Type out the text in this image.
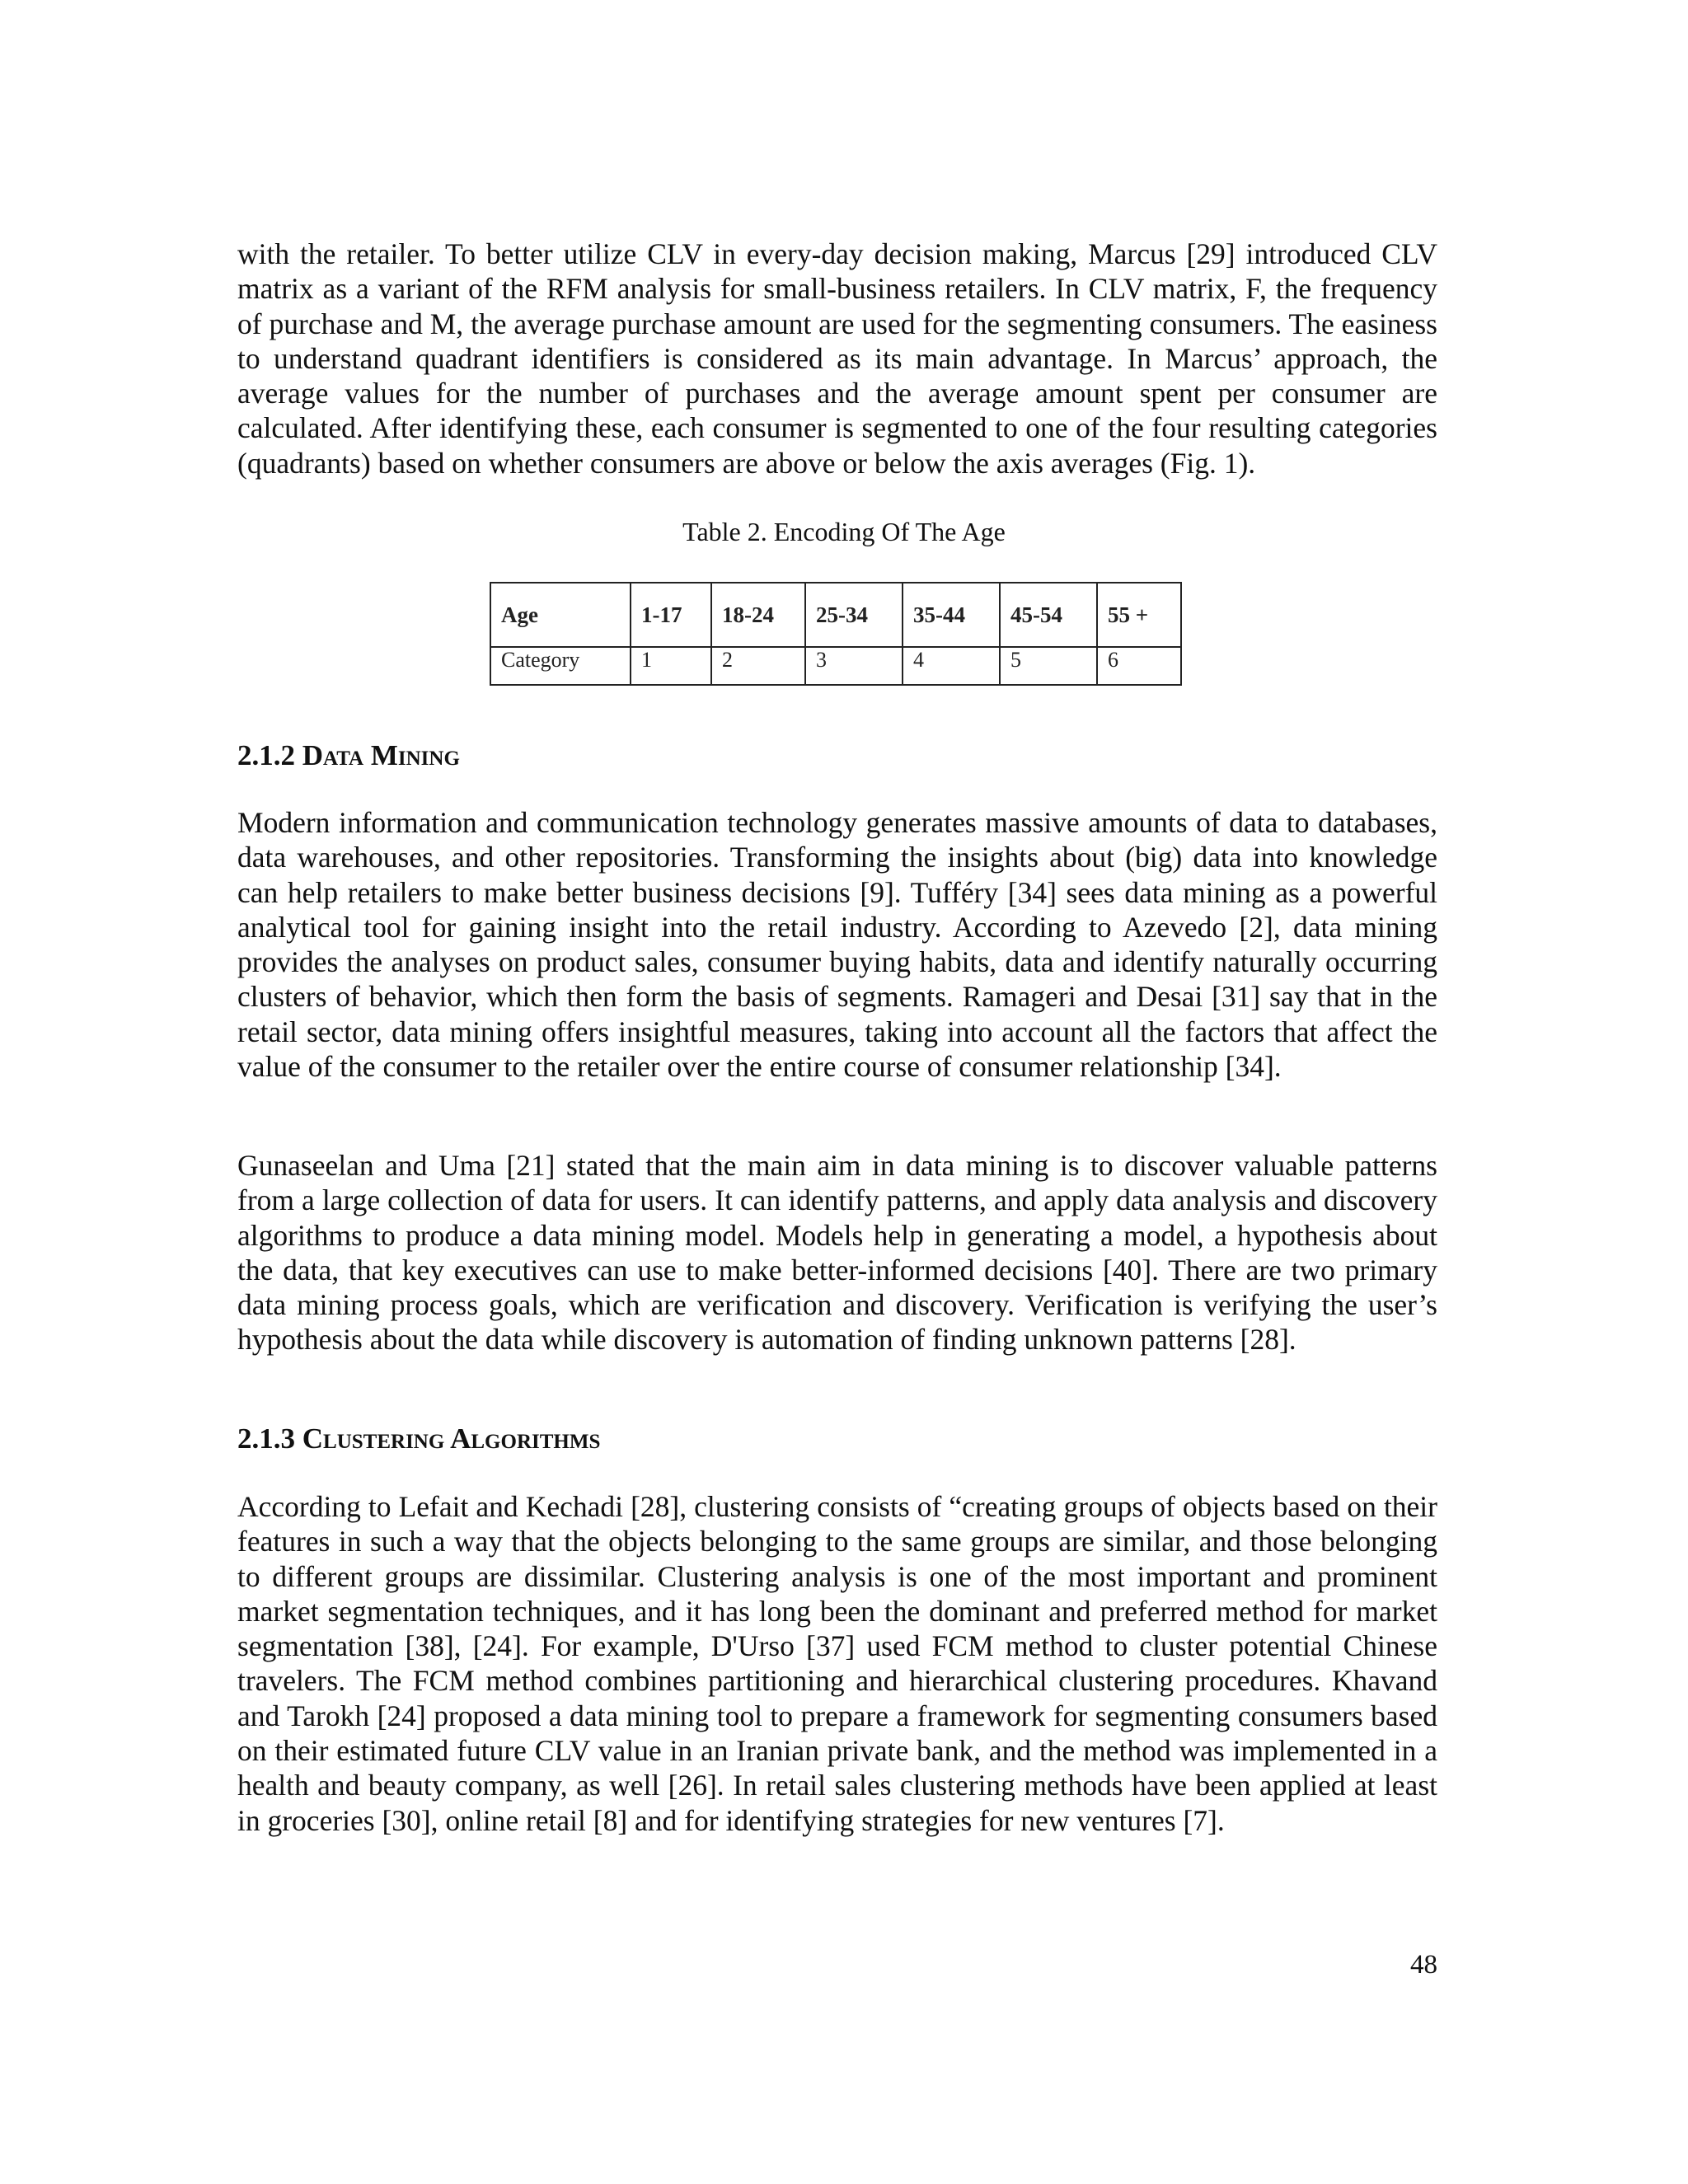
with the retailer. To better utilize CLV in every-day decision making, Marcus [29] introduced CLV matrix as a variant of the RFM analysis for small-business retailers. In CLV matrix, F, the frequency of purchase and M, the average purchase amount are used for the segmenting consumers. The easiness to understand quadrant identifiers is considered as its main advantage. In Marcus’ approach, the average values for the number of purchases and the average amount spent per consumer are calculated. After identifying these, each consumer is segmented to one of the four resulting categories (quadrants) based on whether consumers are above or below the axis averages (Fig. 1).

Table 2. Encoding Of The Age
Age	1-17	18-24	25-34	35-44	45-54	55 +
Category	1	2	3	4	5	6
2.1.2 Data Mining

Modern information and communication technology generates massive amounts of data to databases, data warehouses, and other repositories. Transforming the insights about (big) data into knowledge can help retailers to make better business decisions [9]. Tufféry [34] sees data mining as a powerful analytical tool for gaining insight into the retail industry. According to Azevedo [2], data mining provides the analyses on product sales, consumer buying habits, data and identify naturally occurring clusters of behavior, which then form the basis of segments. Ramageri and Desai [31] say that in the retail sector, data mining offers insightful measures, taking into account all the factors that affect the value of the consumer to the retailer over the entire course of consumer relationship [34].

Gunaseelan and Uma [21] stated that the main aim in data mining is to discover valuable patterns from a large collection of data for users. It can identify patterns, and apply data analysis and discovery algorithms to produce a data mining model. Models help in generating a model, a hypothesis about the data, that key executives can use to make better-informed decisions [40]. There are two primary data mining process goals, which are verification and discovery. Verification is verifying the user’s hypothesis about the data while discovery is automation of finding unknown patterns [28].

2.1.3 Clustering Algorithms

According to Lefait and Kechadi [28], clustering consists of “creating groups of objects based on their features in such a way that the objects belonging to the same groups are similar, and those belonging to different groups are dissimilar. Clustering analysis is one of the most important and prominent market segmentation techniques, and it has long been the dominant and preferred method for market segmentation [38], [24]. For example, D'Urso [37] used FCM method to cluster potential Chinese travelers. The FCM method combines partitioning and hierarchical clustering procedures. Khavand and Tarokh [24] proposed a data mining tool to prepare a framework for segmenting consumers based on their estimated future CLV value in an Iranian private bank, and the method was implemented in a health and beauty company, as well [26]. In retail sales clustering methods have been applied at least in groceries [30], online retail [8] and for identifying strategies for new ventures [7].

48
